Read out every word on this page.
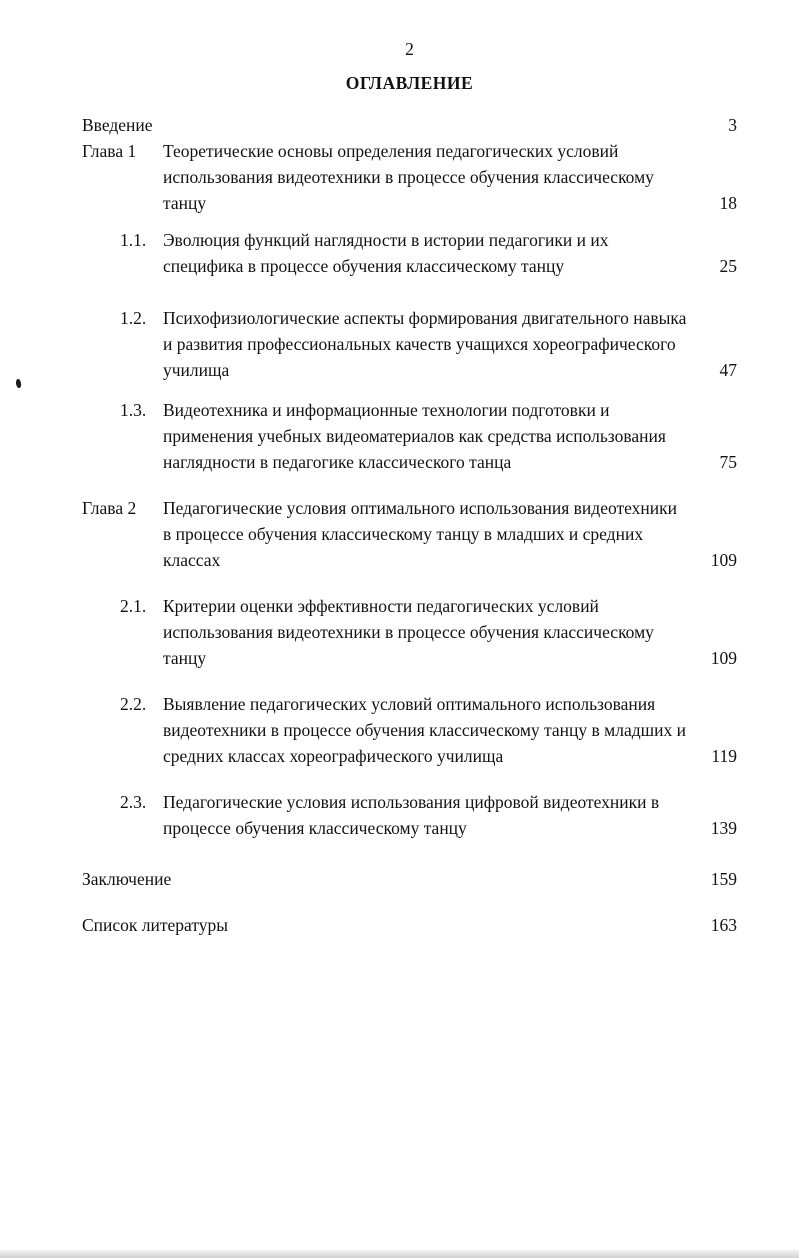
2
ОГЛАВЛЕНИЕ
Введение	3
Глава 1	Теоретические основы определения педагогических условий использования видеотехники в процессе обучения классическому танцу	18
1.1. Эволюция функций наглядности в истории педагогики и их специфика в процессе обучения классическому танцу	25
1.2. Психофизиологические аспекты формирования двигательного навыка и развития профессиональных качеств учащихся хореографического училища	47
1.3. Видеотехника и информационные технологии подготовки и применения учебных видеоматериалов как средства использования наглядности в педагогике классического танца	75
Глава 2	Педагогические условия оптимального использования видеотехники в процессе обучения классическому танцу в младших и средних классах	109
2.1. Критерии оценки эффективности педагогических условий использования видеотехники в процессе обучения классическому танцу	109
2.2. Выявление педагогических условий оптимального использования видеотехники в процессе обучения классическому танцу в младших и средних классах хореографического училища	119
2.3. Педагогические условия использования цифровой видеотехники в процессе обучения классическому танцу	139
Заключение	159
Список литературы	163
